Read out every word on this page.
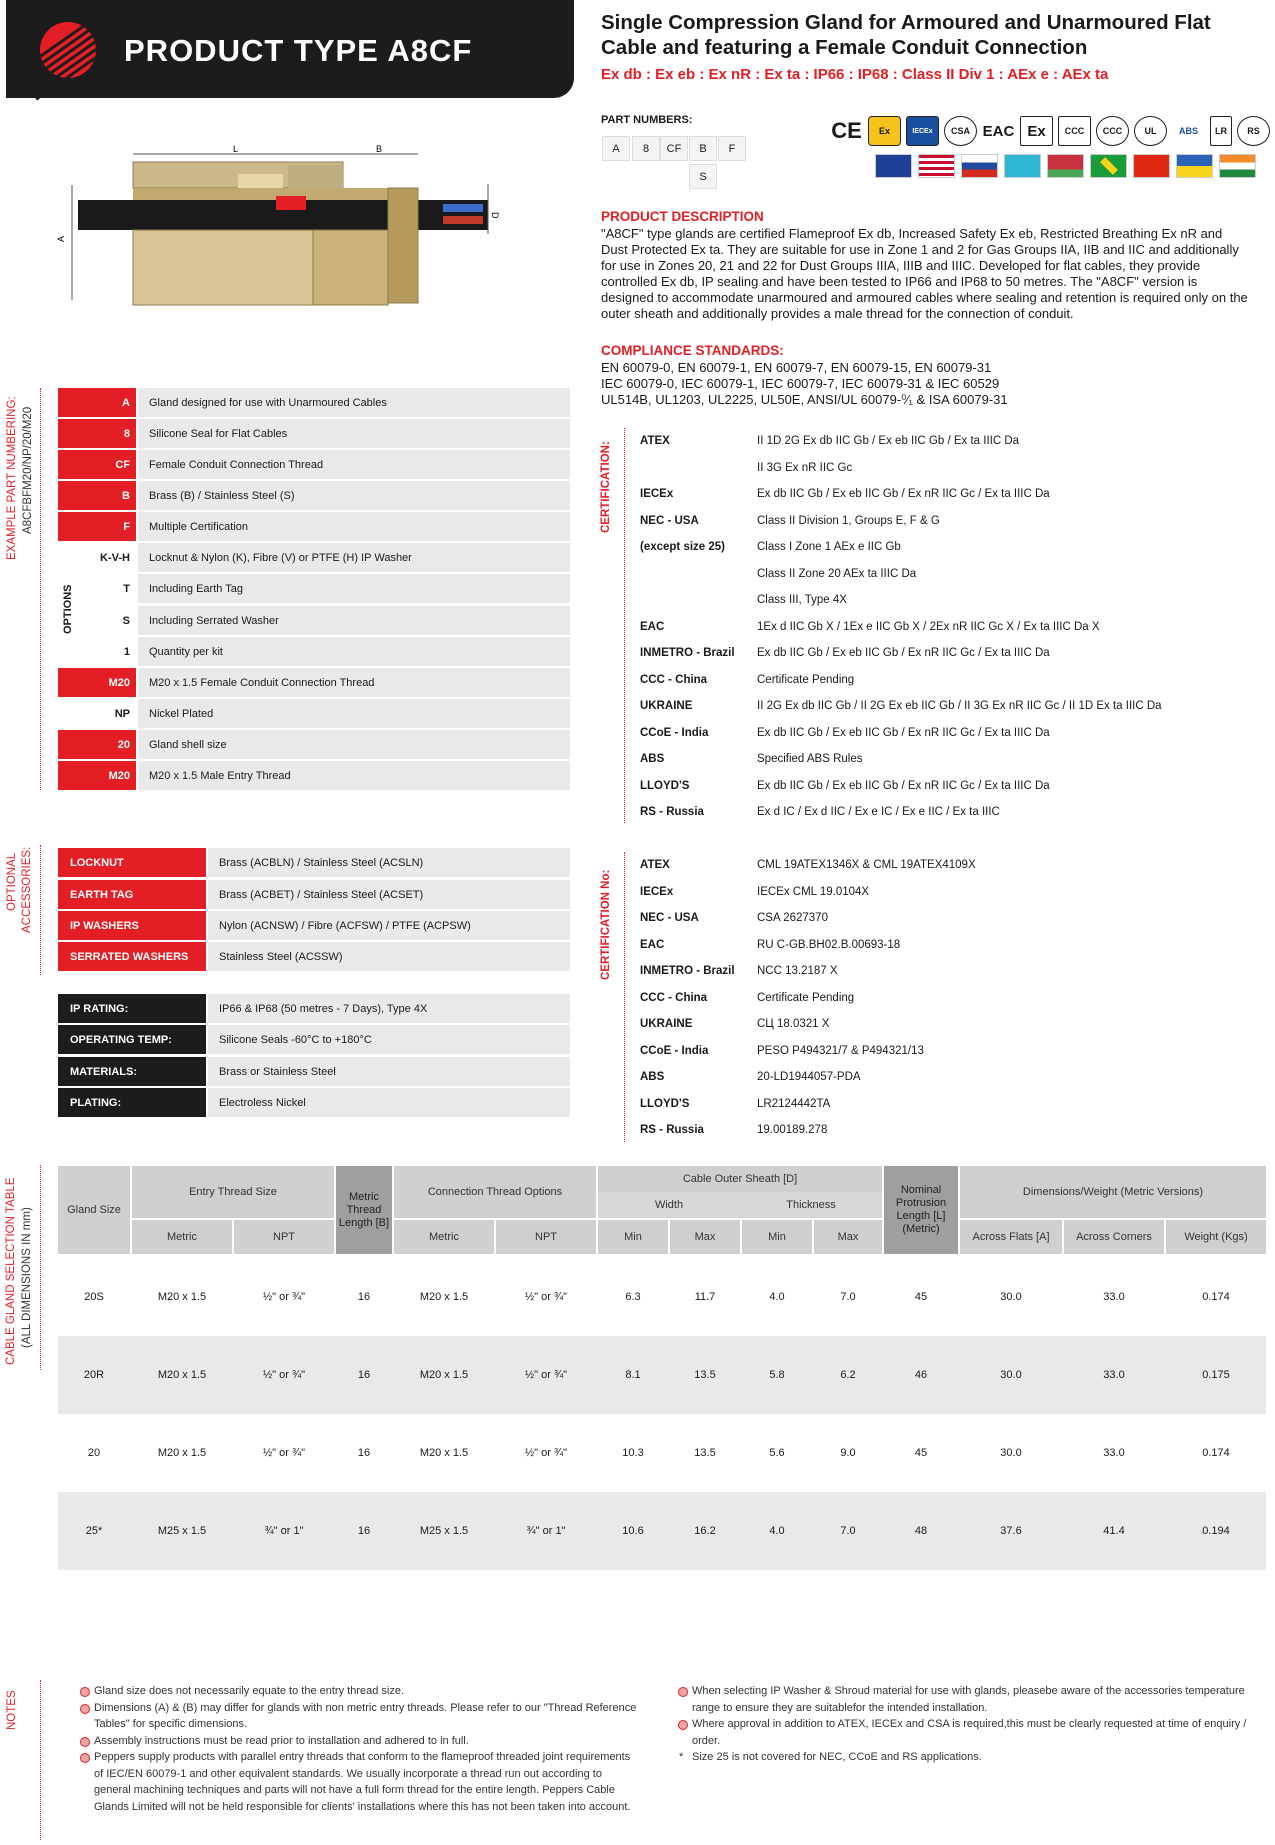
PRODUCT TYPE A8CF
Single Compression Gland for Armoured and Unarmoured Flat Cable and featuring a Female Conduit Connection
Ex db : Ex eb : Ex nR : Ex ta : IP66 : IP68 : Class II Div 1 : AEx e : AEx ta
PART NUMBERS:
A	8	CF	B	F
S
CE	Ex	IECEx	CSA EAC Ex	CCC	CCC	UL	ABS	LR	RS
L	B
A
D	PRODUCT DESCRIPTION
"A8CF" type glands are certified Flameproof Ex db, Increased Safety Ex eb, Restricted Breathing Ex nR and Dust Protected Ex ta. They are suitable for use in Zone 1 and 2 for Gas Groups IIA, IIB and IIC and additionally for use in Zones 20, 21 and 22 for Dust Groups IIIA, IIIB and IIIC. Developed for flat cables, they provide controlled Ex db, IP sealing and have been tested to IP66 and IP68 to 50 metres. The "A8CF" version is designed to accommodate unarmoured and armoured cables where sealing and retention is required only on the outer sheath and additionally provides a male thread for the connection of conduit.
COMPLIANCE STANDARDS:
EN 60079-0, EN 60079-1, EN 60079-7, EN 60079-15, EN 60079-31
IEC 60079-0, IEC 60079-1, IEC 60079-7, IEC 60079-31 & IEC 60529
UL514B, UL1203, UL2225, UL50E, ANSI/UL 60079-⁰⁄₁ & ISA 60079-31
EXAMPLE PART NUMBERING: A8CFBFM20/NP/20/M20
OPTIONS
A	Gland designed for use with Unarmoured Cables
8	Silicone Seal for Flat Cables
CF	Female Conduit Connection Thread
B	Brass (B) / Stainless Steel (S)
F	Multiple Certification
K-V-H	Locknut & Nylon (K), Fibre (V) or PTFE (H) IP Washer
T	Including Earth Tag
S	Including Serrated Washer
1	Quantity per kit
M20	M20 x 1.5 Female Conduit Connection Thread
NP	Nickel Plated
20	Gland shell size
M20	M20 x 1.5 Male Entry Thread
OPTIONAL ACCESSORIES:	LOCKNUT	Brass (ACBLN) / Stainless Steel (ACSLN)
EARTH TAG	Brass (ACBET) / Stainless Steel (ACSET)
IP WASHERS	Nylon (ACNSW) / Fibre (ACFSW) / PTFE (ACPSW)
SERRATED WASHERS	Stainless Steel (ACSSW)
IP RATING:	IP66 & IP68 (50 metres - 7 Days), Type 4X
OPERATING TEMP:	Silicone Seals -60°C to +180°C
MATERIALS:	Brass or Stainless Steel
PLATING:	Electroless Nickel
CERTIFICATION:
ATEX	II 1D 2G Ex db IIC Gb / Ex eb IIC Gb / Ex ta IIIC Da
II 3G Ex nR IIC Gc
IECEx	Ex db IIC Gb / Ex eb IIC Gb / Ex nR IIC Gc / Ex ta IIIC Da
NEC - USA	Class II Division 1, Groups E, F & G
(except size 25)	Class I Zone 1 AEx e IIC Gb
Class II Zone 20 AEx ta IIIC Da
Class III, Type 4X
EAC	1Ex d IIC Gb X / 1Ex e IIC Gb X / 2Ex nR IIC Gc X / Ex ta IIIC Da X
INMETRO - Brazil Ex db IIC Gb / Ex eb IIC Gb / Ex nR IIC Gc / Ex ta IIIC Da
CCC - China	Certificate Pending
UKRAINE	II 2G Ex db IIC Gb / II 2G Ex eb IIC Gb / II 3G Ex nR IIC Gc / II 1D Ex ta IIIC Da
CCoE - India	Ex db IIC Gb / Ex eb IIC Gb / Ex nR IIC Gc / Ex ta IIIC Da
ABS	Specified ABS Rules
LLOYD'S	Ex db IIC Gb / Ex eb IIC Gb / Ex nR IIC Gc / Ex ta IIIC Da
RS - Russia	Ex d IC / Ex d IIC / Ex e IC / Ex e IIC / Ex ta IIIC
CERTIFICATION No:
ATEX	CML 19ATEX1346X & CML 19ATEX4109X
IECEx	IECEx CML 19.0104X
NEC - USA	CSA 2627370
EAC	RU C-GB.BH02.B.00693-18
INMETRO - Brazil NCC 13.2187 X
CCC - China	Certificate Pending
UKRAINE	СЦ 18.0321 X
CCoE - India	PESO P494321/7 & P494321/13
ABS	20-LD1944057-PDA
LLOYD'S	LR2124442TA
RS - Russia	19.00189.278
CABLE GLAND SELECTION TABLE (ALL DIMENSIONS IN mm)	Gland Size
Entry Thread Size
Metric	NPT
Metric Thread Length [B]
Connection Thread Options
Metric	NPT
Cable Outer Sheath [D]
Width	Thickness
Min	Max	Min	Max
Nominal Protrusion Length [L] (Metric)
Dimensions/Weight (Metric Versions)
Across Flats [A]	Across Corners	Weight (Kgs)
20S	M20 x 1.5	½" or ¾"	16	M20 x 1.5	½" or ¾"	6.3	11.7	4.0	7.0	45	30.0	33.0	0.174
20R	M20 x 1.5	½" or ¾"	16	M20 x 1.5	½" or ¾"	8.1	13.5	5.8	6.2	46	30.0	33.0	0.175
20	M20 x 1.5	½" or ¾"	16	M20 x 1.5	½" or ¾"	10.3	13.5	5.6	9.0	45	30.0	33.0	0.174
25*	M25 x 1.5	¾" or 1"	16	M25 x 1.5	¾" or 1"	10.6	16.2	4.0	7.0	48	37.6	41.4	0.194
NOTES	Gland size does not necessarily equate to the entry thread size.
Dimensions (A) & (B) may differ for glands with non metric entry threads. Please refer to our "Thread Reference Tables" for specific dimensions.
Assembly instructions must be read prior to installation and adhered to in full.
Peppers supply products with parallel entry threads that conform to the flameproof threaded joint requirements of IEC/EN 60079-1 and other equivalent standards. We usually incorporate a thread run out according to general machining techniques and parts will not have a full form thread for the entire length. Peppers Cable Glands Limited will not be held responsible for clients' installations where this has not been taken into account.
When selecting IP Washer & Shroud material for use with glands, pleasebe aware of the accessories temperature range to ensure they are suitablefor the intended installation.
Where approval in addition to ATEX, IECEx and CSA is required,this must be clearly requested at time of enquiry / order.
* Size 25 is not covered for NEC, CCoE and RS applications.
